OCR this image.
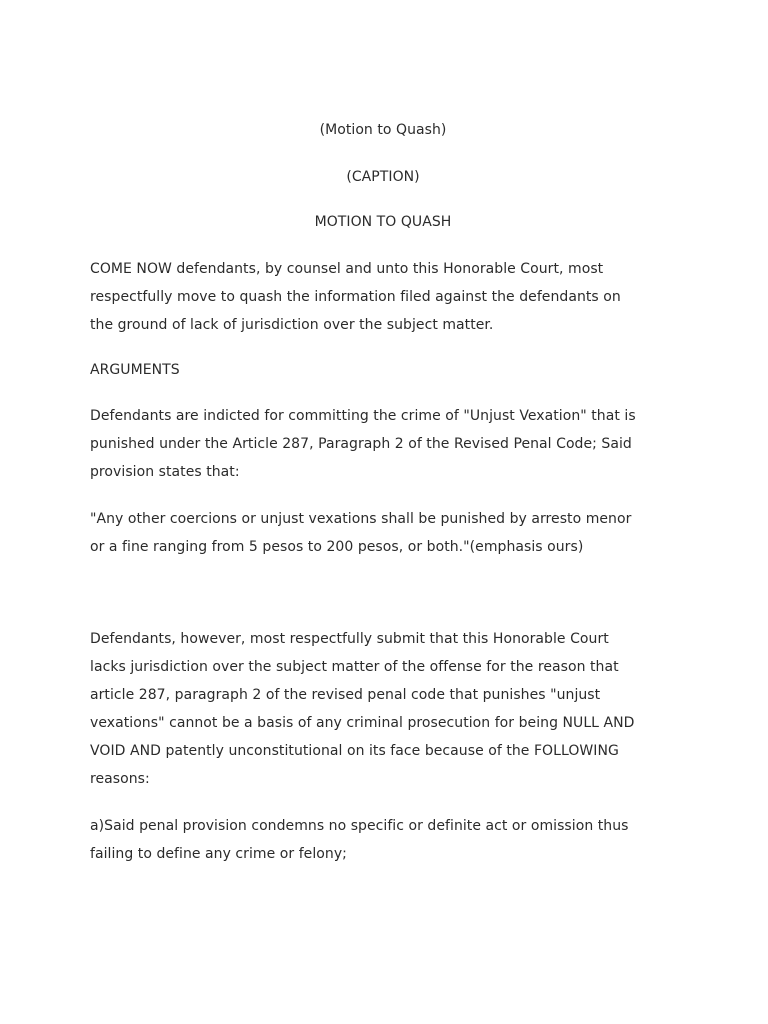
(Motion to Quash)
(CAPTION)
MOTION TO QUASH
COME NOW defendants, by counsel and unto this Honorable Court, most
respectfully move to quash the information filed against the defendants on
the ground of lack of jurisdiction over the subject matter.
ARGUMENTS
Defendants are indicted for committing the crime of "Unjust Vexation" that is
punished under the Article 287, Paragraph 2 of the Revised Penal Code; Said
provision states that:
"Any other coercions or unjust vexations shall be punished by arresto menor
or a fine ranging from 5 pesos to 200 pesos, or both."(emphasis ours)
Defendants, however, most respectfully submit that this Honorable Court
lacks jurisdiction over the subject matter of the offense for the reason that
article 287, paragraph 2 of the revised penal code that punishes "unjust
vexations" cannot be a basis of any criminal prosecution for being NULL AND
VOID AND patently unconstitutional on its face because of the FOLLOWING
reasons:
a)Said penal provision condemns no specific or definite act or omission thus
failing to define any crime or felony;
